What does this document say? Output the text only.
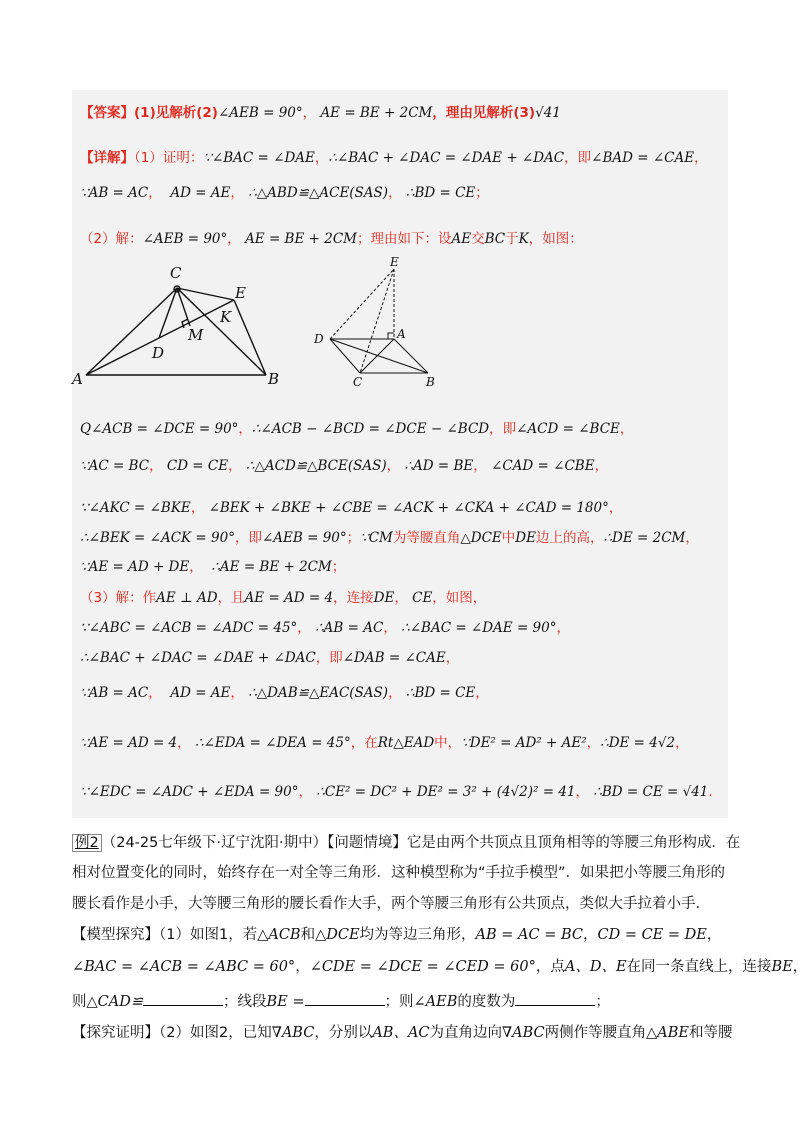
【答案】(1)见解析(2)∠AEB = 90°， AE = BE + 2CM，理由见解析(3)√41
【详解】（1）证明：∵∠BAC = ∠DAE，∴∠BAC + ∠DAC = ∠DAE + ∠DAC，即∠BAD = ∠CAE，
∵AB = AC， AD = AE， ∴△ABD≌△ACE(SAS)， ∴BD = CE；
（2）解：∠AEB = 90°， AE = BE + 2CM；理由如下：设AE交BC于K，如图：
C
E
K
M
D
A	B
E
D	A
C	B
Q∠ACB = ∠DCE = 90°，∴∠ACB − ∠BCD = ∠DCE − ∠BCD，即∠ACD = ∠BCE，
∵AC = BC， CD = CE， ∴△ACD≌△BCE(SAS)， ∴AD = BE， ∠CAD = ∠CBE，
∵∠AKC = ∠BKE， ∠BEK + ∠BKE + ∠CBE = ∠ACK + ∠CKA + ∠CAD = 180°，
∴∠BEK = ∠ACK = 90°，即∠AEB = 90°；∵CM为等腰直角△DCE中DE边上的高，∴DE = 2CM，
∵AE = AD + DE， ∴AE = BE + 2CM；
（3）解：作AE ⊥ AD，且AE = AD = 4，连接DE， CE，如图，
∵∠ABC = ∠ACB = ∠ADC = 45°， ∴AB = AC， ∴∠BAC = ∠DAE = 90°，
∴∠BAC + ∠DAC = ∠DAE + ∠DAC，即∠DAB = ∠CAE，
∵AB = AC， AD = AE， ∴△DAB≌△EAC(SAS)， ∴BD = CE，
∵AE = AD = 4， ∴∠EDA = ∠DEA = 45°，在Rt△EAD中，∵DE² = AD² + AE²，∴DE = 4√2，
∵∠EDC = ∠ADC + ∠EDA = 90°， ∴CE² = DC² + DE² = 3² + (4√2)² = 41， ∴BD = CE = √41.
例2 （24-25七年级下·辽宁沈阳·期中）【问题情境】它是由两个共顶点且顶角相等的等腰三角形构成．在
相对位置变化的同时，始终存在一对全等三角形．这种模型称为“手拉手模型”．如果把小等腰三角形的
腰长看作是小手，大等腰三角形的腰长看作大手，两个等腰三角形有公共顶点，类似大手拉着小手．
【模型探究】（1）如图1，若△ACB和△DCE均为等边三角形，AB = AC = BC，CD = CE = DE，
∠BAC = ∠ACB = ∠ABC = 60°，∠CDE = ∠DCE = ∠CED = 60°，点A、D、E在同一条直线上，连接BE，
则△CAD≌	；线段BE =	；则∠AEB的度数为	；
【探究证明】（2）如图2，已知∇ABC，分别以AB、AC为直角边向∇ABC两侧作等腰直角△ABE和等腰
